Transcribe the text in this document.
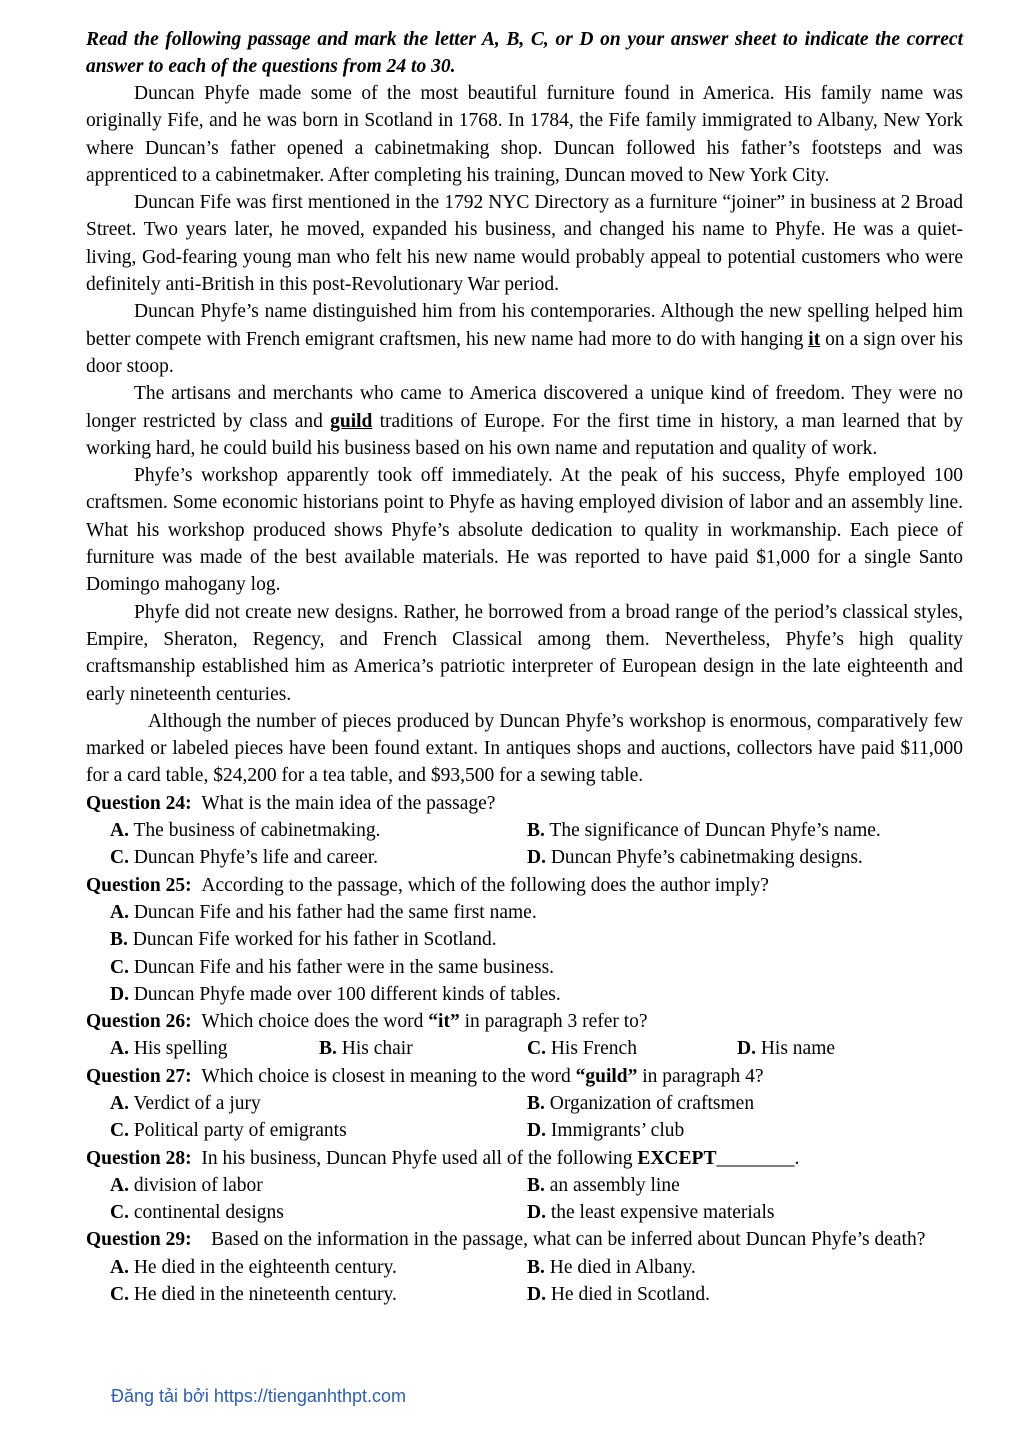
Read the following passage and mark the letter A, B, C, or D on your answer sheet to indicate the correct answer to each of the questions from 24 to 30.

Duncan Phyfe made some of the most beautiful furniture found in America. His family name was originally Fife, and he was born in Scotland in 1768. In 1784, the Fife family immigrated to Albany, New York where Duncan’s father opened a cabinetmaking shop. Duncan followed his father’s footsteps and was apprenticed to a cabinetmaker. After completing his training, Duncan moved to New York City.

Duncan Fife was first mentioned in the 1792 NYC Directory as a furniture “joiner” in business at 2 Broad Street. Two years later, he moved, expanded his business, and changed his name to Phyfe. He was a quiet-living, God-fearing young man who felt his new name would probably appeal to potential customers who were definitely anti-British in this post-Revolutionary War period.

Duncan Phyfe’s name distinguished him from his contemporaries. Although the new spelling helped him better compete with French emigrant craftsmen, his new name had more to do with hanging it on a sign over his door stoop.

The artisans and merchants who came to America discovered a unique kind of freedom. They were no longer restricted by class and guild traditions of Europe. For the first time in history, a man learned that by working hard, he could build his business based on his own name and reputation and quality of work.

Phyfe’s workshop apparently took off immediately. At the peak of his success, Phyfe employed 100 craftsmen. Some economic historians point to Phyfe as having employed division of labor and an assembly line. What his workshop produced shows Phyfe’s absolute dedication to quality in workmanship. Each piece of furniture was made of the best available materials. He was reported to have paid $1,000 for a single Santo Domingo mahogany log.

Phyfe did not create new designs. Rather, he borrowed from a broad range of the period’s classical styles, Empire, Sheraton, Regency, and French Classical among them. Nevertheless, Phyfe’s high quality craftsmanship established him as America’s patriotic interpreter of European design in the late eighteenth and early nineteenth centuries.

Although the number of pieces produced by Duncan Phyfe’s workshop is enormous, comparatively few marked or labeled pieces have been found extant. In antiques shops and auctions, collectors have paid $11,000 for a card table, $24,200 for a tea table, and $93,500 for a sewing table.

Question 24: What is the main idea of the passage?

A. The business of cabinetmaking.	B. The significance of Duncan Phyfe’s name.
C. Duncan Phyfe’s life and career.	D. Duncan Phyfe’s cabinetmaking designs.

Question 25: According to the passage, which of the following does the author imply?

A. Duncan Fife and his father had the same first name.
B. Duncan Fife worked for his father in Scotland.
C. Duncan Fife and his father were in the same business.
D. Duncan Phyfe made over 100 different kinds of tables.

Question 26: Which choice does the word “it” in paragraph 3 refer to?

A. His spelling	B. His chair	C. His French	D. His name

Question 27: Which choice is closest in meaning to the word “guild” in paragraph 4?

A. Verdict of a jury	B. Organization of craftsmen
C. Political party of emigrants	D. Immigrants’ club

Question 28: In his business, Duncan Phyfe used all of the following EXCEPT________.

A. division of labor	B. an assembly line
C. continental designs	D. the least expensive materials

Question 29: Based on the information in the passage, what can be inferred about Duncan Phyfe’s death?

A. He died in the eighteenth century.	B. He died in Albany.
C. He died in the nineteenth century.	D. He died in Scotland.
Đăng tải bởi https://tienganhthpt.com
